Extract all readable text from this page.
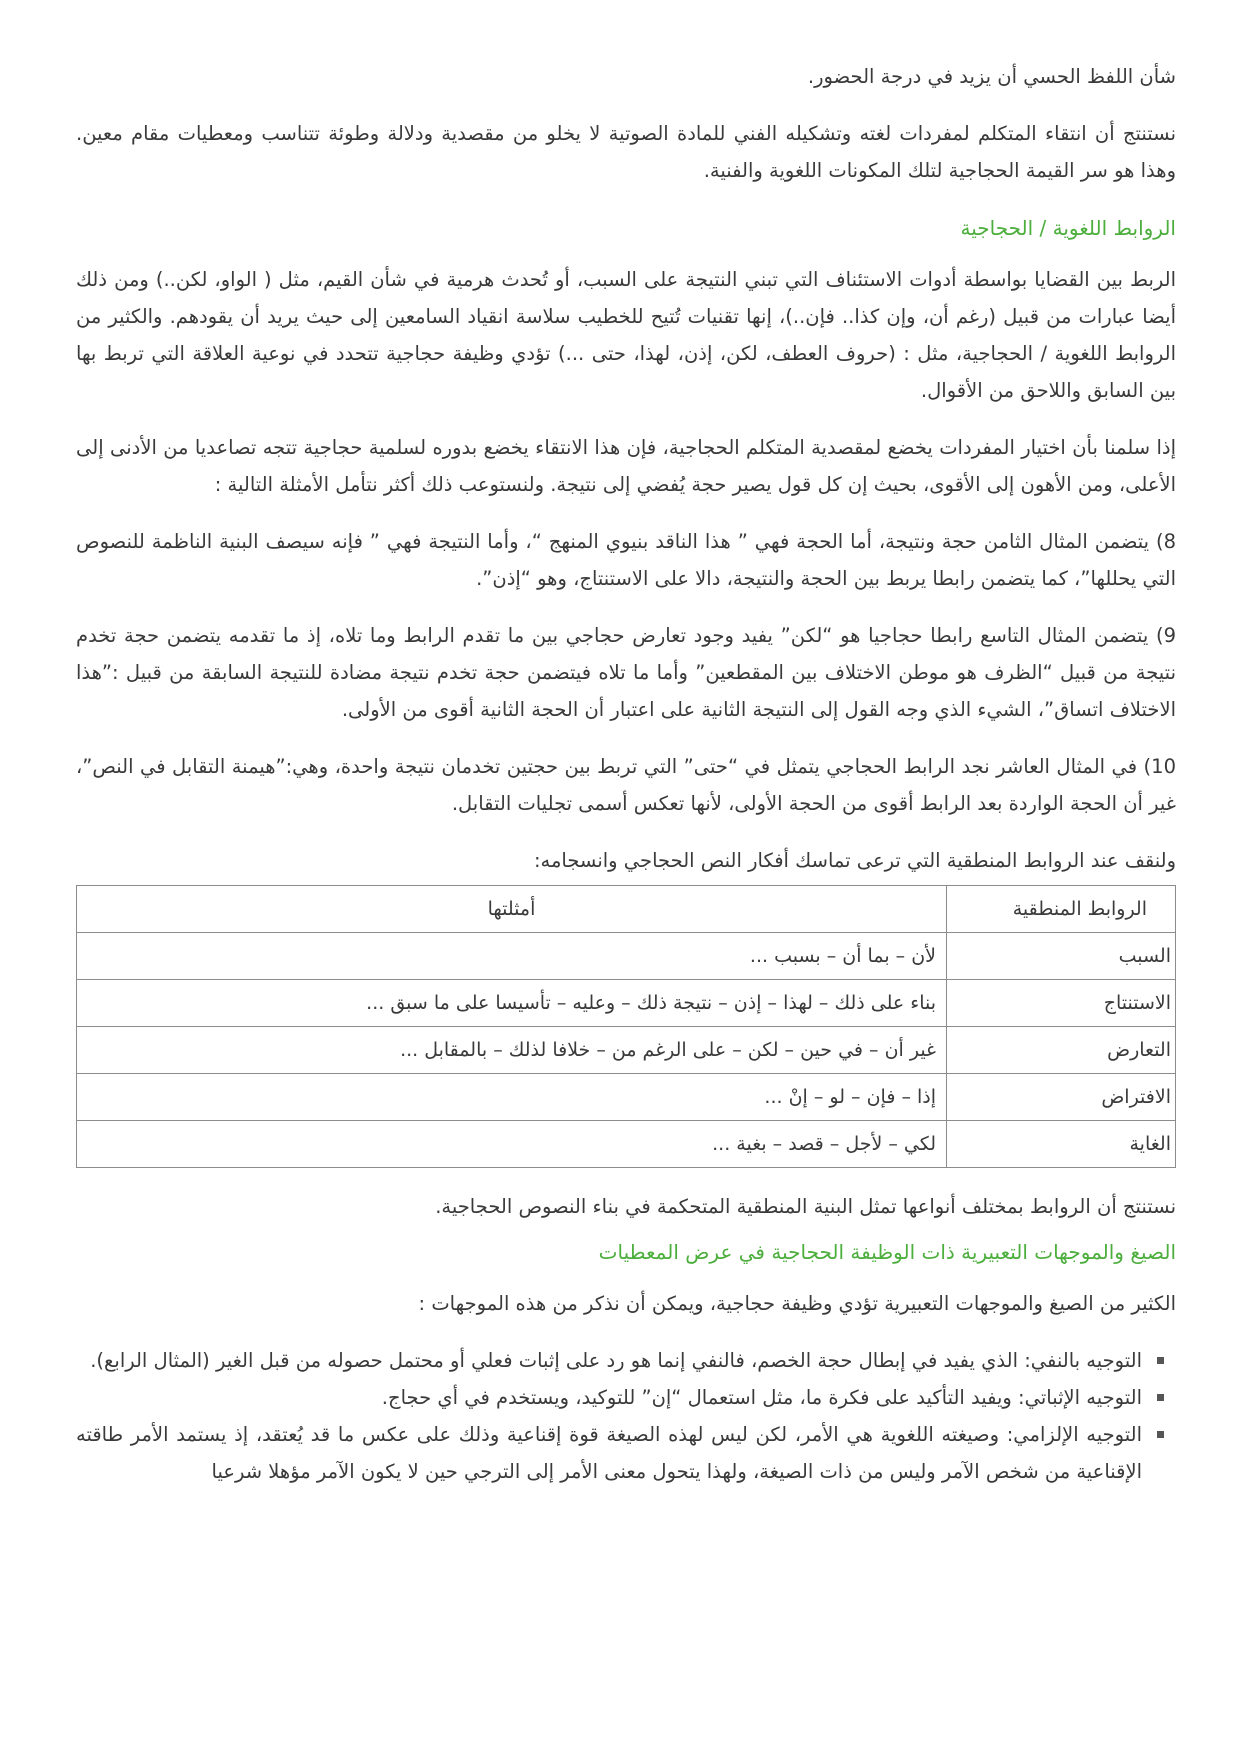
شأن اللفظ الحسي أن يزيد في درجة الحضور.

نستنتج أن انتقاء المتكلم لمفردات لغته وتشكيله الفني للمادة الصوتية لا يخلو من مقصدية ودلالة وطوئة تتناسب ومعطيات مقام معين. وهذا هو سر القيمة الحجاجية لتلك المكونات اللغوية والفنية.

الروابط اللغوية / الحجاجية

الربط بين القضايا بواسطة أدوات الاستئناف التي تبني النتيجة على السبب، أو تُحدث هرمية في شأن القيم، مثل ( الواو، لكن..) ومن ذلك أيضا عبارات من قبيل (رغم أن، وإن كذا.. فإن..)، إنها تقنيات تُتيح للخطيب سلاسة انقياد السامعين إلى حيث يريد أن يقودهم. والكثير من الروابط اللغوية / الحجاجية، مثل : (حروف العطف، لكن، إذن، لهذا، حتى ...) تؤدي وظيفة حجاجية تتحدد في نوعية العلاقة التي تربط بها بين السابق واللاحق من الأقوال.

إذا سلمنا بأن اختيار المفردات يخضع لمقصدية المتكلم الحجاجية، فإن هذا الانتقاء يخضع بدوره لسلمية حجاجية تتجه تصاعديا من الأدنى إلى الأعلى، ومن الأهون إلى الأقوى، بحيث إن كل قول يصير حجة يُفضي إلى نتيجة. ولنستوعب ذلك أكثر نتأمل الأمثلة التالية :

8) يتضمن المثال الثامن حجة ونتيجة، أما الحجة فهي ” هذا الناقد بنيوي المنهج “، وأما النتيجة فهي ” فإنه سيصف البنية الناظمة للنصوص التي يحللها”، كما يتضمن رابطا يربط بين الحجة والنتيجة، دالا على الاستنتاج، وهو “إذن”.

9) يتضمن المثال التاسع رابطا حجاجيا هو “لكن” يفيد وجود تعارض حجاجي بين ما تقدم الرابط وما تلاه، إذ ما تقدمه يتضمن حجة تخدم نتيجة من قبيل “الظرف هو موطن الاختلاف بين المقطعين” وأما ما تلاه فيتضمن حجة تخدم نتيجة مضادة للنتيجة السابقة من قبيل :”هذا الاختلاف اتساق”، الشيء الذي وجه القول إلى النتيجة الثانية على اعتبار أن الحجة الثانية أقوى من الأولى.

10) في المثال العاشر نجد الرابط الحجاجي يتمثل في “حتى” التي تربط بين حجتين تخدمان نتيجة واحدة، وهي:”هيمنة التقابل في النص”، غير أن الحجة الواردة بعد الرابط أقوى من الحجة الأولى، لأنها تعكس أسمى تجليات التقابل.

ولنقف عند الروابط المنطقية التي ترعى تماسك أفكار النص الحجاجي وانسجامه:

الروابط المنطقية	أمثلتها
السبب	لأن – بما أن – بسبب ...
الاستنتاج	بناء على ذلك – لهذا – إذن – نتيجة ذلك – وعليه – تأسيسا على ما سبق ...
التعارض	غير أن – في حين – لكن – على الرغم من – خلافا لذلك – بالمقابل ...
الافتراض	إذا – فإن – لو – إنْ ...
الغاية	لكي – لأجل – قصد – بغية ...

نستنتج أن الروابط بمختلف أنواعها تمثل البنية المنطقية المتحكمة في بناء النصوص الحجاجية.

الصيغ والموجهات التعبيرية ذات الوظيفة الحجاجية في عرض المعطيات

الكثير من الصيغ والموجهات التعبيرية تؤدي وظيفة حجاجية، ويمكن أن نذكر من هذه الموجهات :

التوجيه بالنفي: الذي يفيد في إبطال حجة الخصم، فالنفي إنما هو رد على إثبات فعلي أو محتمل حصوله من قبل الغير (المثال الرابع).
التوجيه الإثباتي: ويفيد التأكيد على فكرة ما، مثل استعمال “إن” للتوكيد، ويستخدم في أي حجاج.
التوجيه الإلزامي: وصيغته اللغوية هي الأمر، لكن ليس لهذه الصيغة قوة إقناعية وذلك على عكس ما قد يُعتقد، إذ يستمد الأمر طاقته الإقناعية من شخص الآمر وليس من ذات الصيغة، ولهذا يتحول معنى الأمر إلى الترجي حين لا يكون الآمر مؤهلا شرعيا
